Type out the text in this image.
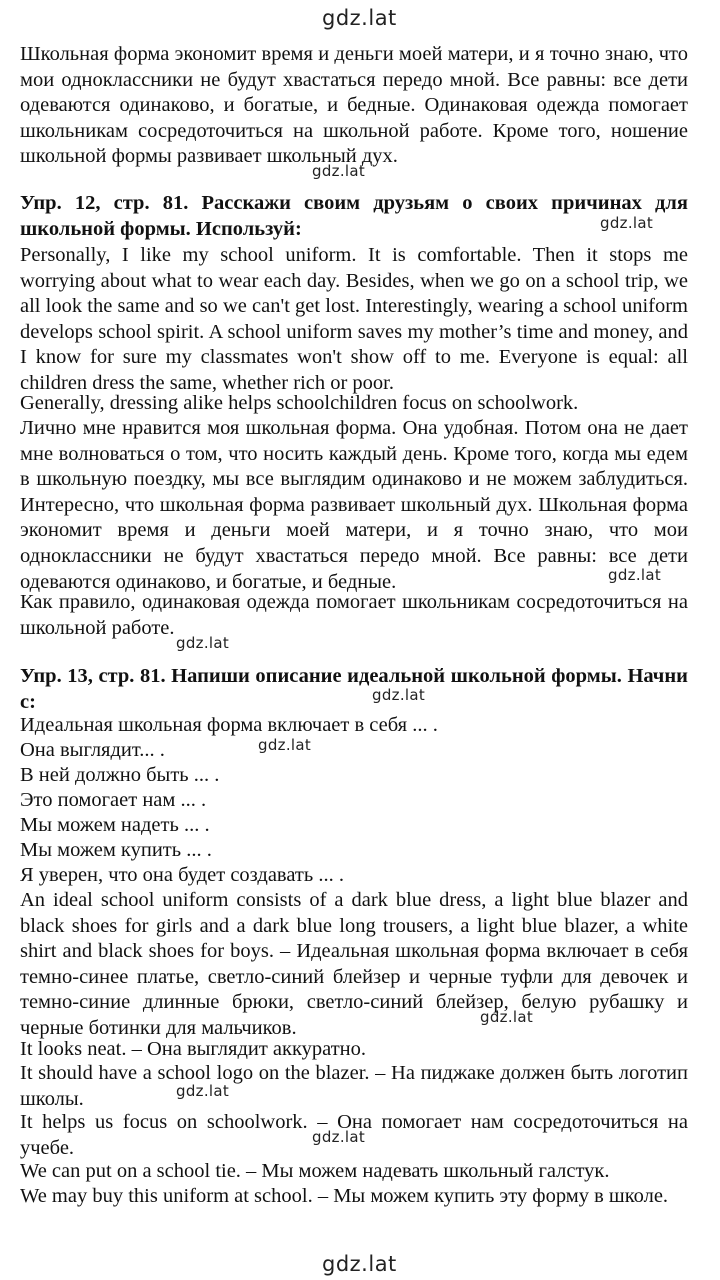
gdz.lat
gdz.lat
gdz.lat
gdz.lat
gdz.lat
gdz.lat
gdz.lat
gdz.lat
gdz.lat
gdz.lat
gdz.lat
Школьная форма экономит время и деньги моей матери, и я точно знаю, что мои одноклассники не будут хвастаться передо мной. Все равны: все дети одеваются одинаково, и богатые, и бедные. Одинаковая одежда помогает школьникам сосредоточиться на школьной работе. Кроме того, ношение школьной формы развивает школьный дух.
Упр. 12, стр. 81. Расскажи своим друзьям о своих причинах для школьной формы. Используй:
Personally, I like my school uniform. It is comfortable. Then it stops me worrying about what to wear each day. Besides, when we go on a school trip, we all look the same and so we can't get lost. Interestingly, wearing a school uniform develops school spirit. A school uniform saves my mother’s time and money, and I know for sure my classmates won't show off to me. Everyone is equal: all children dress the same, whether rich or poor.
Generally, dressing alike helps schoolchildren focus on schoolwork.
Лично мне нравится моя школьная форма. Она удобная. Потом она не дает мне волноваться о том, что носить каждый день. Кроме того, когда мы едем в школьную поездку, мы все выглядим одинаково и не можем заблудиться. Интересно, что школьная форма развивает школьный дух. Школьная форма экономит время и деньги моей матери, и я точно знаю, что мои одноклассники не будут хвастаться передо мной. Все равны: все дети одеваются одинаково, и богатые, и бедные.
Как правило, одинаковая одежда помогает школьникам сосредоточиться на школьной работе.
Упр. 13, стр. 81. Напиши описание идеальной школьной формы. Начни с:
Идеальная школьная форма включает в себя ... .
Она выглядит... .
В ней должно быть ... .
Это помогает нам ... .
Мы можем надеть ... .
Мы можем купить ... .
Я уверен, что она будет создавать ... .
An ideal school uniform consists of a dark blue dress, a light blue blazer and black shoes for girls and a dark blue long trousers, a light blue blazer, a white shirt and black shoes for boys. – Идеальная школьная форма включает в себя темно-синее платье, светло-синий блейзер и черные туфли для девочек и темно-синие длинные брюки, светло-синий блейзер, белую рубашку и черные ботинки для мальчиков.
It looks neat. – Она выглядит аккуратно.
It should have a school logo on the blazer. – На пиджаке должен быть логотип школы.
It helps us focus on schoolwork. – Она помогает нам сосредоточиться на учебе.
We can put on a school tie. – Мы можем надевать школьный галстук.
We may buy this uniform at school. – Мы можем купить эту форму в школе.
